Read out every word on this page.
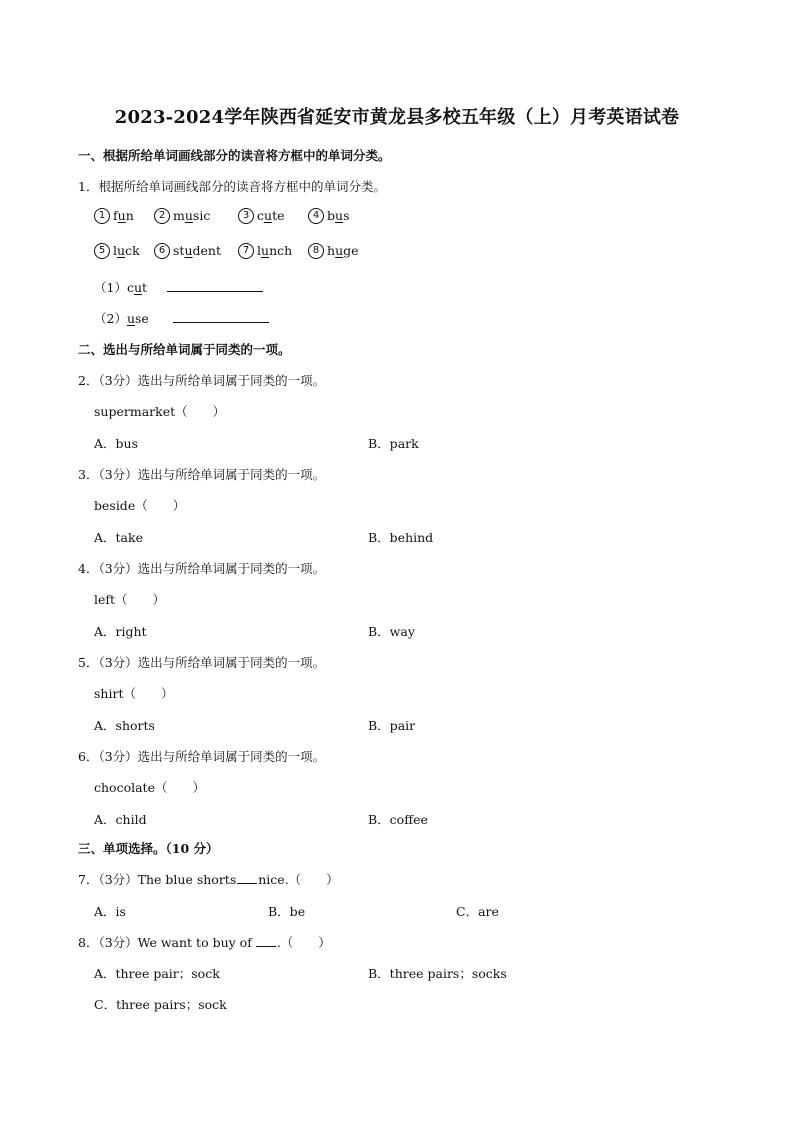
2023-2024学年陕西省延安市黄龙县多校五年级（上）月考英语试卷
一、根据所给单词画线部分的读音将方框中的单词分类。
1．根据所给单词画线部分的读音将方框中的单词分类。
1 fun	2 music	3 cute	4 bus
5 luck	6 student	7 lunch	8 huge
（1）cut
（2）use
二、选出与所给单词属于同类的一项。
2．（3分）选出与所给单词属于同类的一项。
supermarket（　　）
A．bus	B．park
3．（3分）选出与所给单词属于同类的一项。
beside（　　）
A．take	B．behind
4．（3分）选出与所给单词属于同类的一项。
left（　　）
A．right	B．way
5．（3分）选出与所给单词属于同类的一项。
shirt（　　）
A．shorts	B．pair
6．（3分）选出与所给单词属于同类的一项。
chocolate（　　）
A．child	B．coffee
三、单项选择。（10 分）
7．（3分）The blue shorts nice.（　　）
A．is	B．be	C．are
8．（3分）We want to buy of .（　　）
A．three pair；sock	B．three pairs；socks
C．three pairs；sock
